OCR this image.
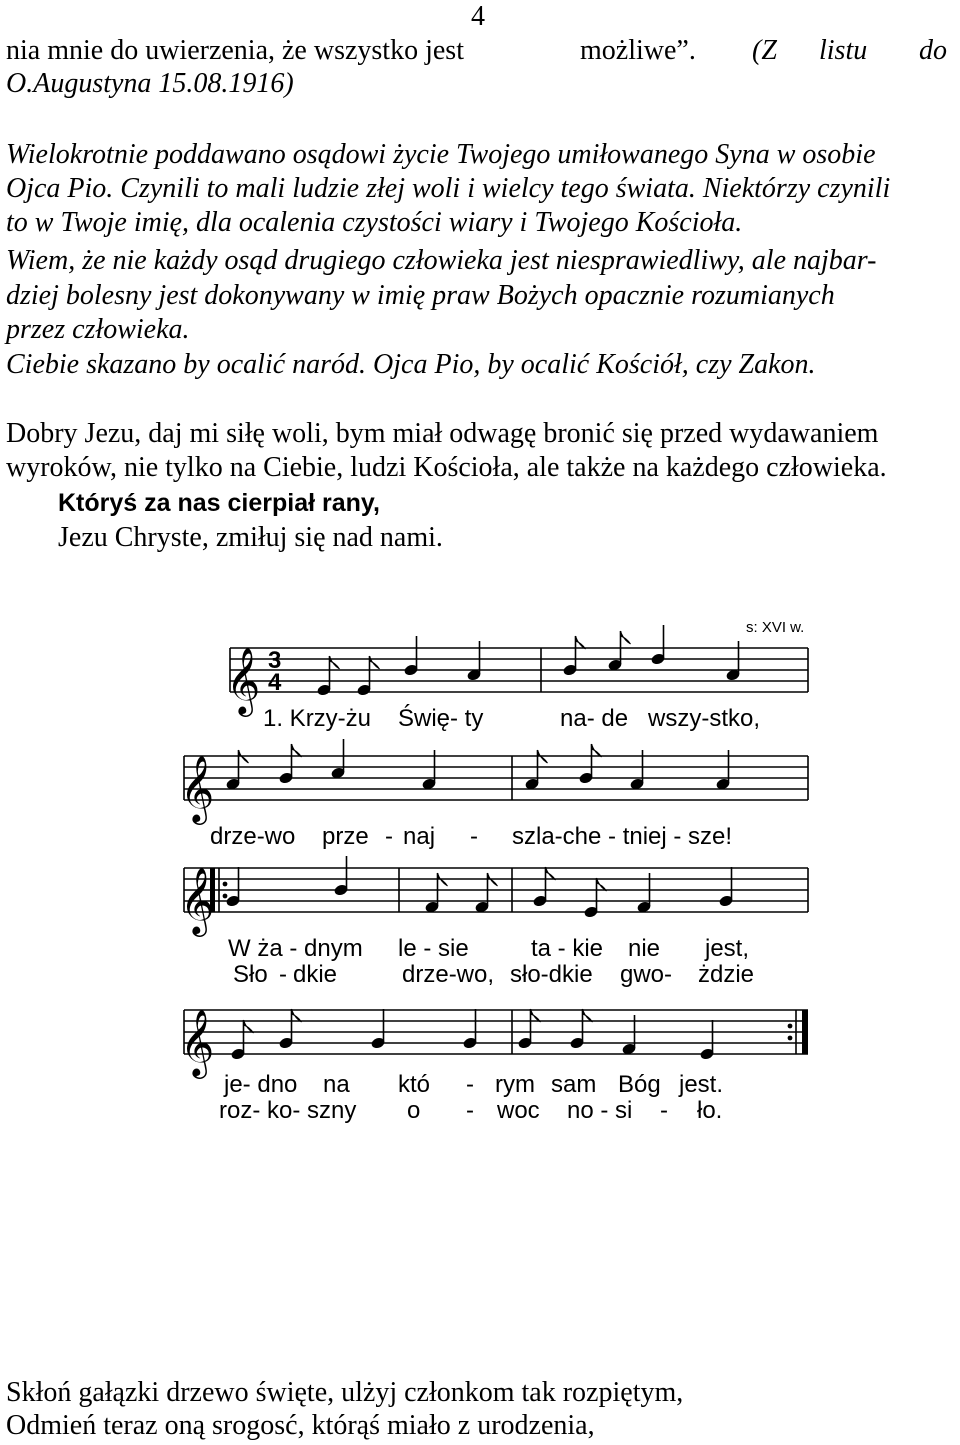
4
nia mnie do uwierzenia, że wszystko jest	możliwe”. (Z listu do
O.Augustyna 15.08.1916)
Wielokrotnie poddawano osądowi życie Twojego umiłowanego Syna w osobie
Ojca Pio. Czynili to mali ludzie złej woli i wielcy tego świata. Niektórzy czynili
to w Twoje imię, dla ocalenia czystości wiary i Twojego Kościoła.
Wiem, że nie każdy osąd drugiego człowieka jest niesprawiedliwy, ale najbar-
dziej bolesny jest dokonywany w imię praw Bożych opacznie rozumianych
przez człowieka.
Ciebie skazano by ocalić naród. Ojca Pio, by ocalić Kościół, czy Zakon.
Dobry Jezu, daj mi siłę woli, bym miał odwagę bronić się przed wydawaniem
wyroków, nie tylko na Ciebie, ludzi Kościoła, ale także na każdego człowieka.
Któryś za nas cierpiał rany,
Jezu Chryste, zmiłuj się nad nami.
s: XVI w.
𝄞
𝄞
𝄞
𝄞
3
4
1. Krzy-żu Świę- ty	na- de wszy-stko,
drze-wo prze - naj - szla-che - tniej - sze!
W ża - dnym le - sie	ta - kie nie jest,
Sło - dkie	drze-wo, sło-dkie gwo- żdzie
je- dno na któ - rym sam Bóg jest.
roz- ko- szny o - woc no - si - ło.
Skłoń gałązki drzewo święte, ulżyj członkom tak rozpiętym,
Odmień teraz oną srogosć, którąś miało z urodzenia,
